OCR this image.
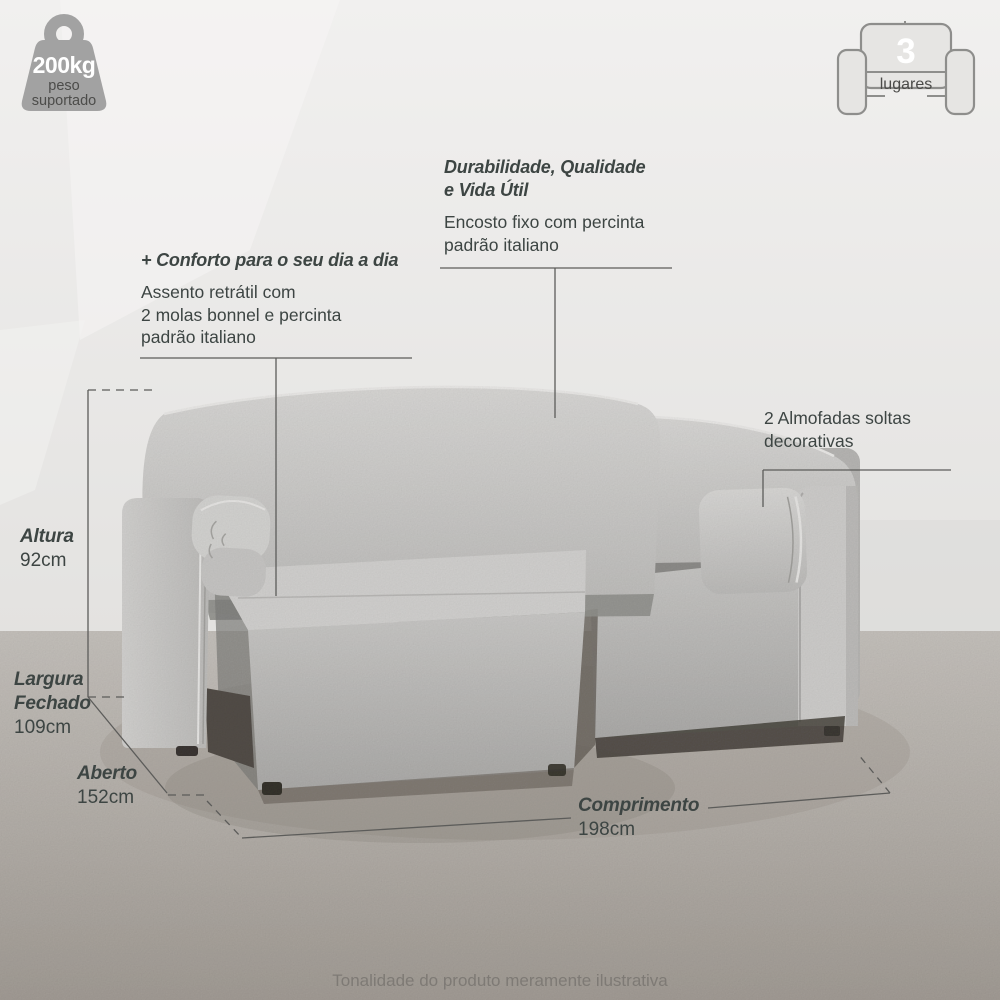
200kg
peso
suportado
3
lugares
Durabilidade, Qualidade
e Vida Útil
Encosto fixo com percinta
padrão italiano
+ Conforto para o seu dia a dia
Assento retrátil com
2 molas bonnel e percinta
padrão italiano
2 Almofadas soltas
decorativas
Altura
92cm
Largura
Fechado
109cm
Aberto
152cm	Comprimento
198cm
Tonalidade do produto meramente ilustrativa
